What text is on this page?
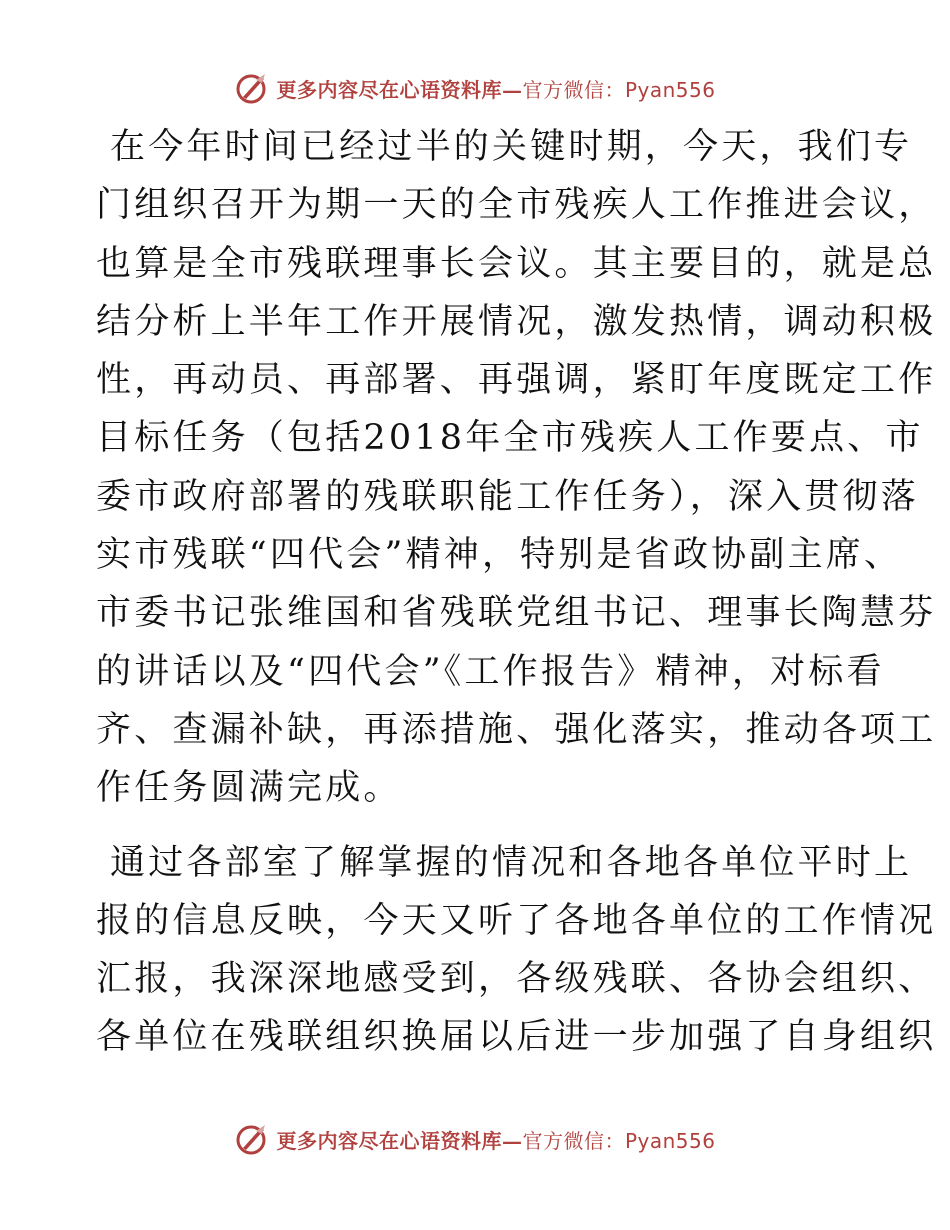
更多内容尽在心语资料库—官方微信：Pyan556

在今年时间已经过半的关键时期，今天，我们专
门组织召开为期一天的全市残疾人工作推进会议，
也算是全市残联理事长会议。其主要目的，就是总
结分析上半年工作开展情况，激发热情，调动积极
性，再动员、再部署、再强调，紧盯年度既定工作
目标任务（包括2018年全市残疾人工作要点、市
委市政府部署的残联职能工作任务），深入贯彻落
实市残联“四代会”精神，特别是省政协副主席、
市委书记张维国和省残联党组书记、理事长陶慧芬
的讲话以及“四代会”《工作报告》精神，对标看
齐、查漏补缺，再添措施、强化落实，推动各项工
作任务圆满完成。

通过各部室了解掌握的情况和各地各单位平时上
报的信息反映，今天又听了各地各单位的工作情况
汇报，我深深地感受到，各级残联、各协会组织、
各单位在残联组织换届以后进一步加强了自身组织

更多内容尽在心语资料库—官方微信：Pyan556
